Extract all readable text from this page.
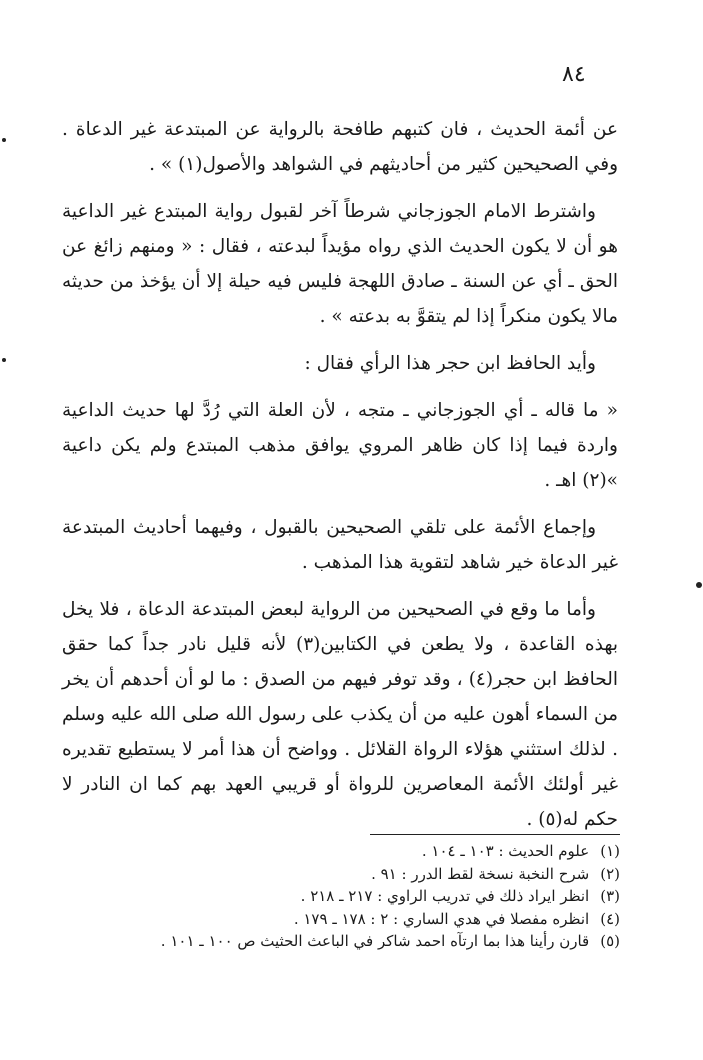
٨٤

عن أئمة الحديث ، فان كتبهم طافحة بالرواية عن المبتدعة غير الدعاة . وفي الصحيحين كثير من أحاديثهم في الشواهد والأصول(١) » .

واشترط الامام الجوزجاني شرطاً آخر لقبول رواية المبتدع غير الداعية هو أن لا يكون الحديث الذي رواه مؤيداً لبدعته ، فقال : « ومنهم زائغ عن الحق ـ أي عن السنة ـ صادق اللهجة فليس فيه حيلة إلا أن يؤخذ من حديثه مالا يكون منكراً إذا لم يتقوَّ به بدعته » .

وأيد الحافظ ابن حجر هذا الرأي فقال :

« ما قاله ـ أي الجوزجاني ـ متجه ، لأن العلة التي رُدَّ لها حديث الداعية واردة فيما إذا كان ظاهر المروي يوافق مذهب المبتدع ولم يكن داعية »(٢) اهـ .

وإجماع الأئمة على تلقي الصحيحين بالقبول ، وفيهما أحاديث المبتدعة غير الدعاة خير شاهد لتقوية هذا المذهب .

وأما ما وقع في الصحيحين من الرواية لبعض المبتدعة الدعاة ، فلا يخل بهذه القاعدة ، ولا يطعن في الكتابين(٣) لأنه قليل نادر جداً كما حقق الحافظ ابن حجر(٤) ، وقد توفر فيهم من الصدق : ما لو أن أحدهم أن يخر من السماء أهون عليه من أن يكذب على رسول الله صلى الله عليه وسلم . لذلك استثني هؤلاء الرواة القلائل . وواضح أن هذا أمر لا يستطيع تقديره غير أولئك الأئمة المعاصرين للرواة أو قريبي العهد بهم كما ان النادر لا حكم له(٥) .

(١) علوم الحديث : ١٠٣ ـ ١٠٤ .

(٢) شرح النخبة نسخة لقط الدرر : ٩١ .

(٣) انظر ايراد ذلك في تدريب الراوي : ٢١٧ ـ ٢١٨ .

(٤) انظره مفصلا في هدي الساري : ٢ : ١٧٨ ـ ١٧٩ .

(٥) قارن رأينا هذا بما ارتآه احمد شاكر في الباعث الحثيث ص ١٠٠ ـ ١٠١ .
